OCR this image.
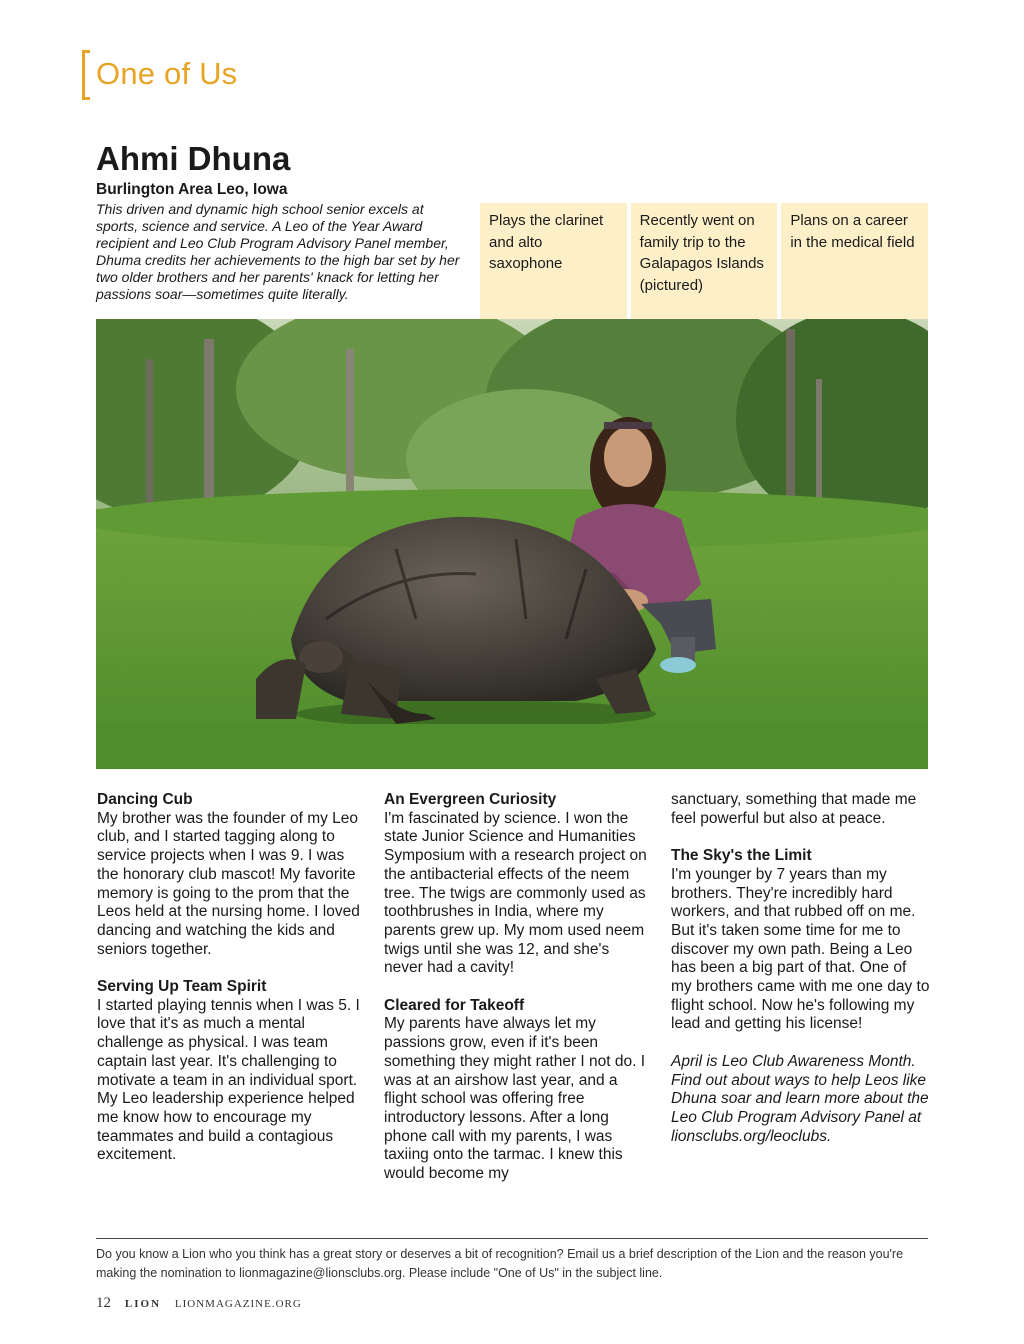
One of Us
Ahmi Dhuna
Burlington Area Leo, Iowa
This driven and dynamic high school senior excels at sports, science and service. A Leo of the Year Award recipient and Leo Club Program Advisory Panel member, Dhuma credits her achievements to the high bar set by her two older brothers and her parents' knack for letting her passions soar—sometimes quite literally.
Plays the clarinet and alto saxophone
Recently went on family trip to the Galapagos Islands (pictured)
Plans on a career in the medical field
Dancing Cub

My brother was the founder of my Leo club, and I started tagging along to service projects when I was 9. I was the honorary club mascot! My favorite memory is going to the prom that the Leos held at the nursing home. I loved dancing and watching the kids and seniors together.

Serving Up Team Spirit

I started playing tennis when I was 5. I love that it's as much a mental challenge as physical. I was team captain last year. It's challenging to motivate a team in an individual sport. My Leo leadership experience helped me know how to encourage my teammates and build a contagious excitement.

An Evergreen Curiosity

I'm fascinated by science. I won the state Junior Science and Humanities Symposium with a research project on the antibacterial effects of the neem tree. The twigs are commonly used as toothbrushes in India, where my parents grew up. My mom used neem twigs until she was 12, and she's never had a cavity!

Cleared for Takeoff

My parents have always let my passions grow, even if it's been something they might rather I not do. I was at an airshow last year, and a flight school was offering free introductory lessons. After a long phone call with my parents, I was taxiing onto the tarmac. I knew this would become my

sanctuary, something that made me feel powerful but also at peace.

The Sky's the Limit

I'm younger by 7 years than my brothers. They're incredibly hard workers, and that rubbed off on me. But it's taken some time for me to discover my own path. Being a Leo has been a big part of that. One of my brothers came with me one day to flight school. Now he's following my lead and getting his license!

April is Leo Club Awareness Month. Find out about ways to help Leos like Dhuna soar and learn more about the Leo Club Program Advisory Panel at lionsclubs.org/leoclubs.

Do you know a Lion who you think has a great story or deserves a bit of recognition? Email us a brief description of the Lion and the reason you're making the nomination to lionmagazine@lionsclubs.org. Please include "One of Us" in the subject line.
12 LION LIONMAGAZINE.ORG
